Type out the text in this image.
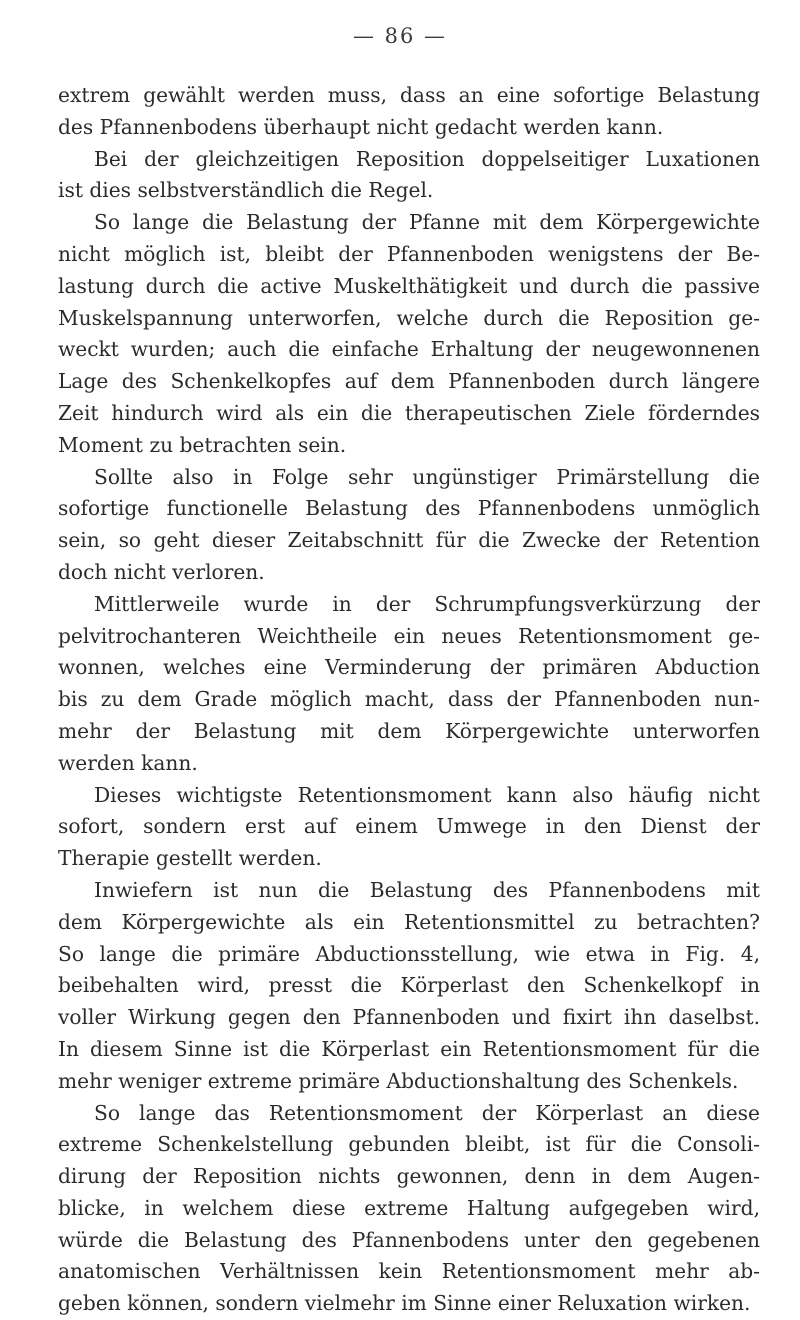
— 86 —
extrem gewählt werden muss, dass an eine sofortige Belastung
des Pfannenbodens überhaupt nicht gedacht werden kann.
Bei der gleichzeitigen Reposition doppelseitiger Luxationen
ist dies selbstverständlich die Regel.
So lange die Belastung der Pfanne mit dem Körpergewichte
nicht möglich ist, bleibt der Pfannenboden wenigstens der Be-
lastung durch die active Muskelthätigkeit und durch die passive
Muskelspannung unterworfen, welche durch die Reposition ge-
weckt wurden; auch die einfache Erhaltung der neugewonnenen
Lage des Schenkelkopfes auf dem Pfannenboden durch längere
Zeit hindurch wird als ein die therapeutischen Ziele förderndes
Moment zu betrachten sein.
Sollte also in Folge sehr ungünstiger Primärstellung die
sofortige functionelle Belastung des Pfannenbodens unmöglich
sein, so geht dieser Zeitabschnitt für die Zwecke der Retention
doch nicht verloren.
Mittlerweile wurde in der Schrumpfungsverkürzung der
pelvitrochanteren Weichtheile ein neues Retentionsmoment ge-
wonnen, welches eine Verminderung der primären Abduction
bis zu dem Grade möglich macht, dass der Pfannenboden nun-
mehr der Belastung mit dem Körpergewichte unterworfen
werden kann.
Dieses wichtigste Retentionsmoment kann also häufig nicht
sofort, sondern erst auf einem Umwege in den Dienst der
Therapie gestellt werden.
Inwiefern ist nun die Belastung des Pfannenbodens mit
dem Körpergewichte als ein Retentionsmittel zu betrachten?
So lange die primäre Abductionsstellung, wie etwa in Fig. 4,
beibehalten wird, presst die Körperlast den Schenkelkopf in
voller Wirkung gegen den Pfannenboden und fixirt ihn daselbst.
In diesem Sinne ist die Körperlast ein Retentionsmoment für die
mehr weniger extreme primäre Abductionshaltung des Schenkels.
So lange das Retentionsmoment der Körperlast an diese
extreme Schenkelstellung gebunden bleibt, ist für die Consoli-
dirung der Reposition nichts gewonnen, denn in dem Augen-
blicke, in welchem diese extreme Haltung aufgegeben wird,
würde die Belastung des Pfannenbodens unter den gegebenen
anatomischen Verhältnissen kein Retentionsmoment mehr ab-
geben können, sondern vielmehr im Sinne einer Reluxation wirken.
